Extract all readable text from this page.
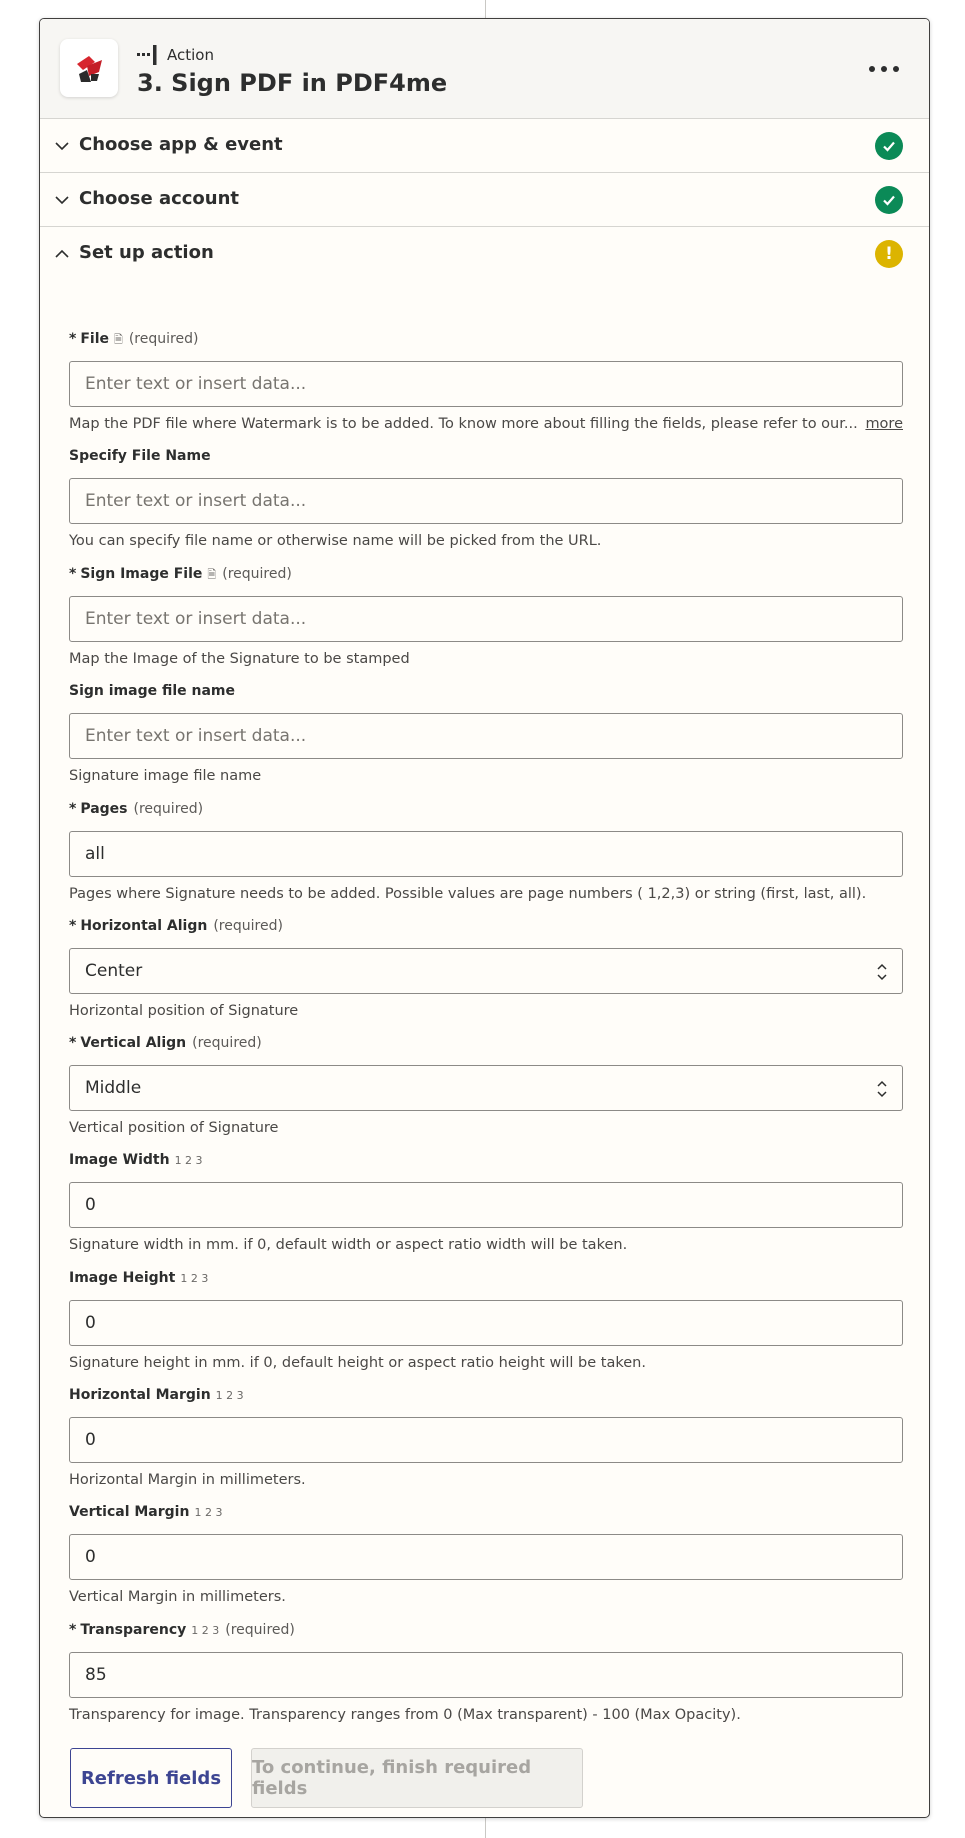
Action
3. Sign PDF in PDF4me
Choose app & event
Choose account
Set up action	!
* File 🗎 (required)
Enter text or insert data...
Map the PDF file where Watermark is to be added. To know more about filling the fields, please refer to our... more
Specify File Name
Enter text or insert data...
You can specify file name or otherwise name will be picked from the URL.
* Sign Image File 🗎 (required)
Enter text or insert data...
Map the Image of the Signature to be stamped
Sign image file name
Enter text or insert data...
Signature image file name
* Pages (required)
all
Pages where Signature needs to be added. Possible values are page numbers ( 1,2,3) or string (first, last, all).
* Horizontal Align (required)
Center
Horizontal position of Signature
* Vertical Align (required)
Middle
Vertical position of Signature
Image Width 1 2 3
0
Signature width in mm. if 0, default width or aspect ratio width will be taken.
Image Height 1 2 3
0
Signature height in mm. if 0, default height or aspect ratio height will be taken.
Horizontal Margin 1 2 3
0
Horizontal Margin in millimeters.
Vertical Margin 1 2 3
0
Vertical Margin in millimeters.
* Transparency 1 2 3 (required)
85
Transparency for image. Transparency ranges from 0 (Max transparent) - 100 (Max Opacity).
Refresh fields	To continue, finish required fields
